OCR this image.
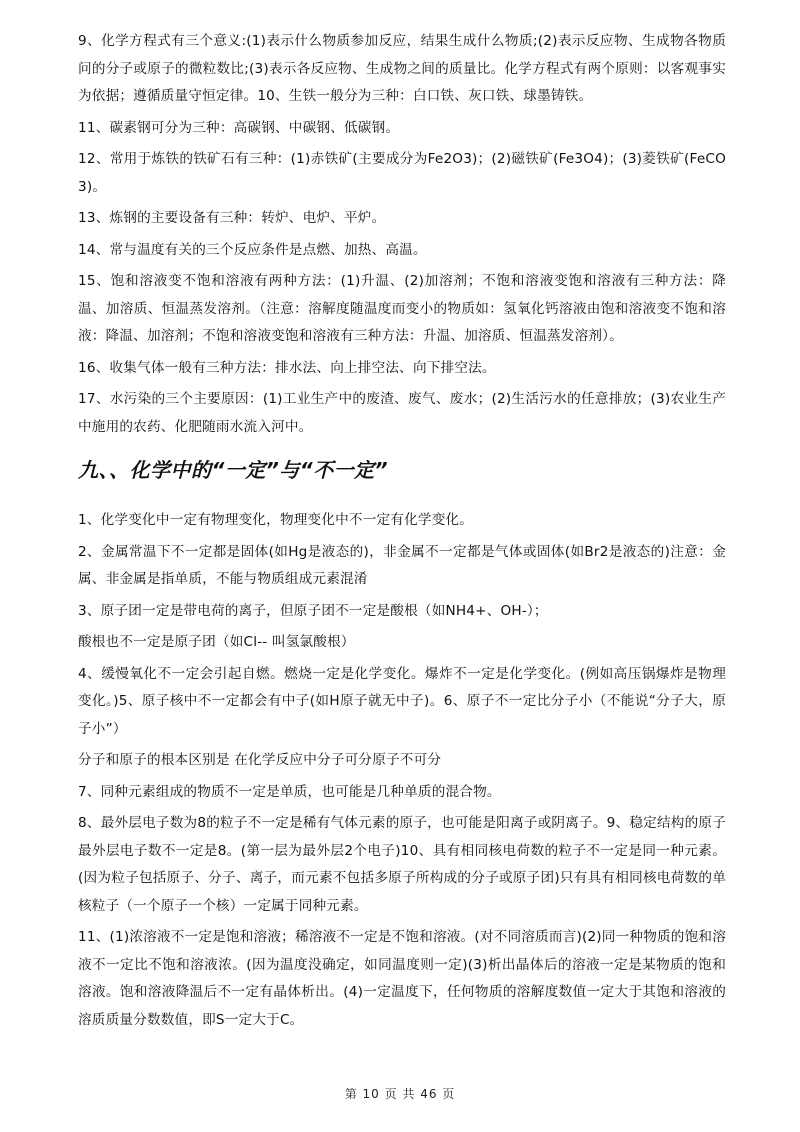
9、化学方程式有三个意义:(1)表示什么物质参加反应，结果生成什么物质;(2)表示反应物、生成物各物质问的分子或原子的微粒数比;(3)表示各反应物、生成物之间的质量比。化学方程式有两个原则：以客观事实为依据；遵循质量守恒定律。10、生铁一般分为三种：白口铁、灰口铁、球墨铸铁。

11、碳素钢可分为三种：高碳钢、中碳钢、低碳钢。

12、常用于炼铁的铁矿石有三种：(1)赤铁矿(主要成分为Fe2O3)；(2)磁铁矿(Fe3O4)；(3)菱铁矿(FeCO3)。

13、炼钢的主要设备有三种：转炉、电炉、平炉。

14、常与温度有关的三个反应条件是点燃、加热、高温。

15、饱和溶液变不饱和溶液有两种方法：(1)升温、(2)加溶剂；不饱和溶液变饱和溶液有三种方法：降温、加溶质、恒温蒸发溶剂。（注意：溶解度随温度而变小的物质如：氢氧化钙溶液由饱和溶液变不饱和溶液：降温、加溶剂；不饱和溶液变饱和溶液有三种方法：升温、加溶质、恒温蒸发溶剂）。

16、收集气体一般有三种方法：排水法、向上排空法、向下排空法。

17、水污染的三个主要原因：(1)工业生产中的废渣、废气、废水；(2)生活污水的任意排放；(3)农业生产中施用的农药、化肥随雨水流入河中。

九、、化学中的“一定”与“不一定”

1、化学变化中一定有物理变化，物理变化中不一定有化学变化。

2、金属常温下不一定都是固体(如Hg是液态的)，非金属不一定都是气体或固体(如Br2是液态的)注意：金属、非金属是指单质，不能与物质组成元素混淆

3、原子团一定是带电荷的离子，但原子团不一定是酸根（如NH4+、OH-）；

酸根也不一定是原子团（如Cl-- 叫氢氯酸根）

4、缓慢氧化不一定会引起自燃。燃烧一定是化学变化。爆炸不一定是化学变化。(例如高压锅爆炸是物理变化。)5、原子核中不一定都会有中子(如H原子就无中子)。6、原子不一定比分子小（不能说“分子大，原子小”）

分子和原子的根本区别是 在化学反应中分子可分原子不可分

7、同种元素组成的物质不一定是单质，也可能是几种单质的混合物。

8、最外层电子数为8的粒子不一定是稀有气体元素的原子，也可能是阳离子或阴离子。9、稳定结构的原子最外层电子数不一定是8。(第一层为最外层2个电子)10、具有相同核电荷数的粒子不一定是同一种元素。(因为粒子包括原子、分子、离子，而元素不包括多原子所构成的分子或原子团)只有具有相同核电荷数的单核粒子（一个原子一个核）一定属于同种元素。

11、(1)浓溶液不一定是饱和溶液；稀溶液不一定是不饱和溶液。(对不同溶质而言)(2)同一种物质的饱和溶液不一定比不饱和溶液浓。(因为温度没确定，如同温度则一定)(3)析出晶体后的溶液一定是某物质的饱和溶液。饱和溶液降温后不一定有晶体析出。(4)一定温度下，任何物质的溶解度数值一定大于其饱和溶液的溶质质量分数数值，即S一定大于C。

第 10 页 共 46 页
